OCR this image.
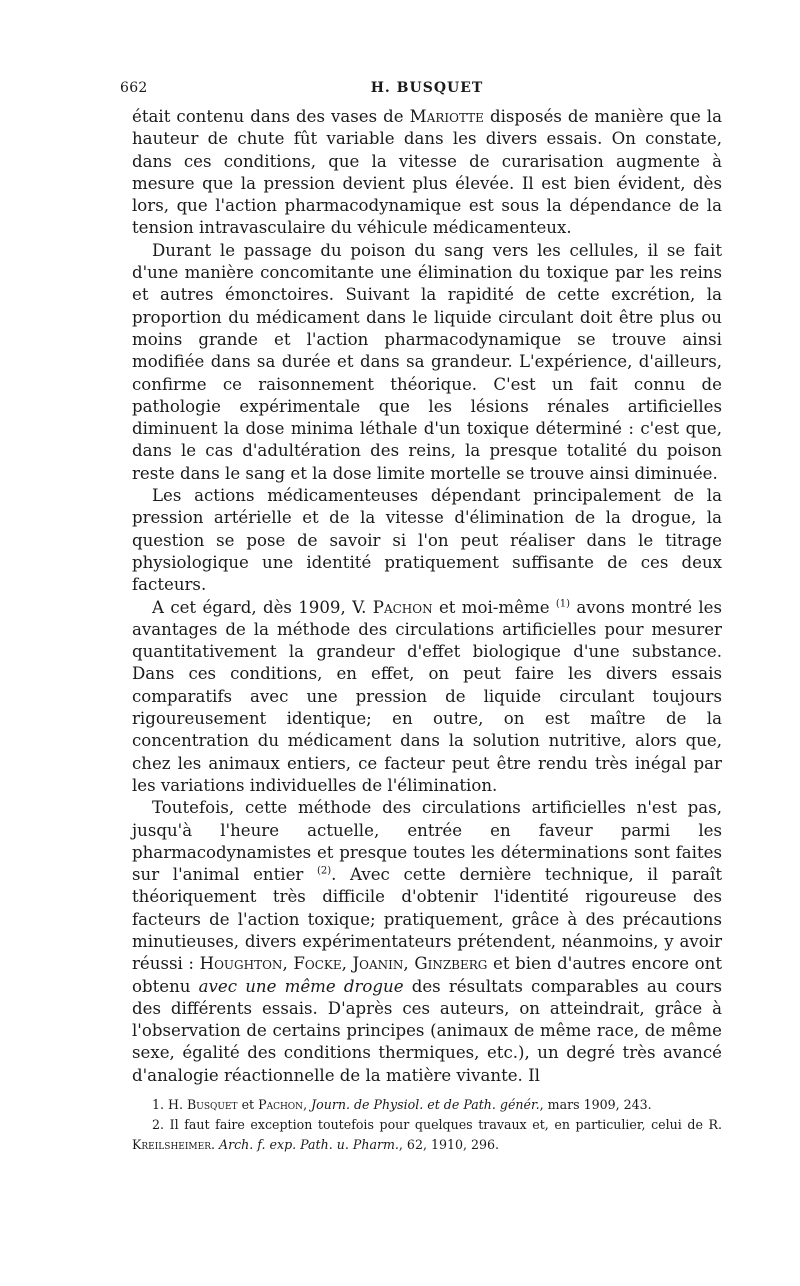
662	H. BUSQUET

était contenu dans des vases de Mariotte disposés de manière que la hauteur de chute fût variable dans les divers essais. On constate, dans ces conditions, que la vitesse de curarisation augmente à mesure que la pression devient plus élevée. Il est bien évident, dès lors, que l'action pharmacodynamique est sous la dépendance de la tension intravasculaire du véhicule médicamenteux.

Durant le passage du poison du sang vers les cellules, il se fait d'une manière concomitante une élimination du toxique par les reins et autres émonctoires. Suivant la rapidité de cette excrétion, la proportion du médicament dans le liquide circulant doit être plus ou moins grande et l'action pharmacodynamique se trouve ainsi modifiée dans sa durée et dans sa grandeur. L'expérience, d'ailleurs, confirme ce raisonnement théorique. C'est un fait connu de pathologie expérimentale que les lésions rénales artificielles diminuent la dose minima léthale d'un toxique déterminé : c'est que, dans le cas d'adultération des reins, la presque totalité du poison reste dans le sang et la dose limite mortelle se trouve ainsi diminuée.

Les actions médicamenteuses dépendant principalement de la pression artérielle et de la vitesse d'élimination de la drogue, la question se pose de savoir si l'on peut réaliser dans le titrage physiologique une identité pratiquement suffisante de ces deux facteurs.

A cet égard, dès 1909, V. Pachon et moi-même $^{(1)}$ avons montré les avantages de la méthode des circulations artificielles pour mesurer quantitativement la grandeur d'effet biologique d'une substance. Dans ces conditions, en effet, on peut faire les divers essais comparatifs avec une pression de liquide circulant toujours rigoureusement identique; en outre, on est maître de la concentration du médicament dans la solution nutritive, alors que, chez les animaux entiers, ce facteur peut être rendu très inégal par les variations individuelles de l'élimination.

Toutefois, cette méthode des circulations artificielles n'est pas, jusqu'à l'heure actuelle, entrée en faveur parmi les pharmacodynamistes et presque toutes les déterminations sont faites sur l'animal entier $^{(2)}$. Avec cette dernière technique, il paraît théoriquement très difficile d'obtenir l'identité rigoureuse des facteurs de l'action toxique; pratiquement, grâce à des précautions minutieuses, divers expérimentateurs prétendent, néanmoins, y avoir réussi : Houghton, Focke, Joanin, Ginzberg et bien d'autres encore ont obtenu avec une même drogue des résultats comparables au cours des différents essais. D'après ces auteurs, on atteindrait, grâce à l'observation de certains principes (animaux de même race, de même sexe, égalité des conditions thermiques, etc.), un degré très avancé d'analogie réactionnelle de la matière vivante. Il

1. H. Busquet et Pachon, Journ. de Physiol. et de Path. génér., mars 1909, 243.

2. Il faut faire exception toutefois pour quelques travaux et, en particulier, celui de R. Kreilsheimer. Arch. f. exp. Path. u. Pharm., 62, 1910, 296.
